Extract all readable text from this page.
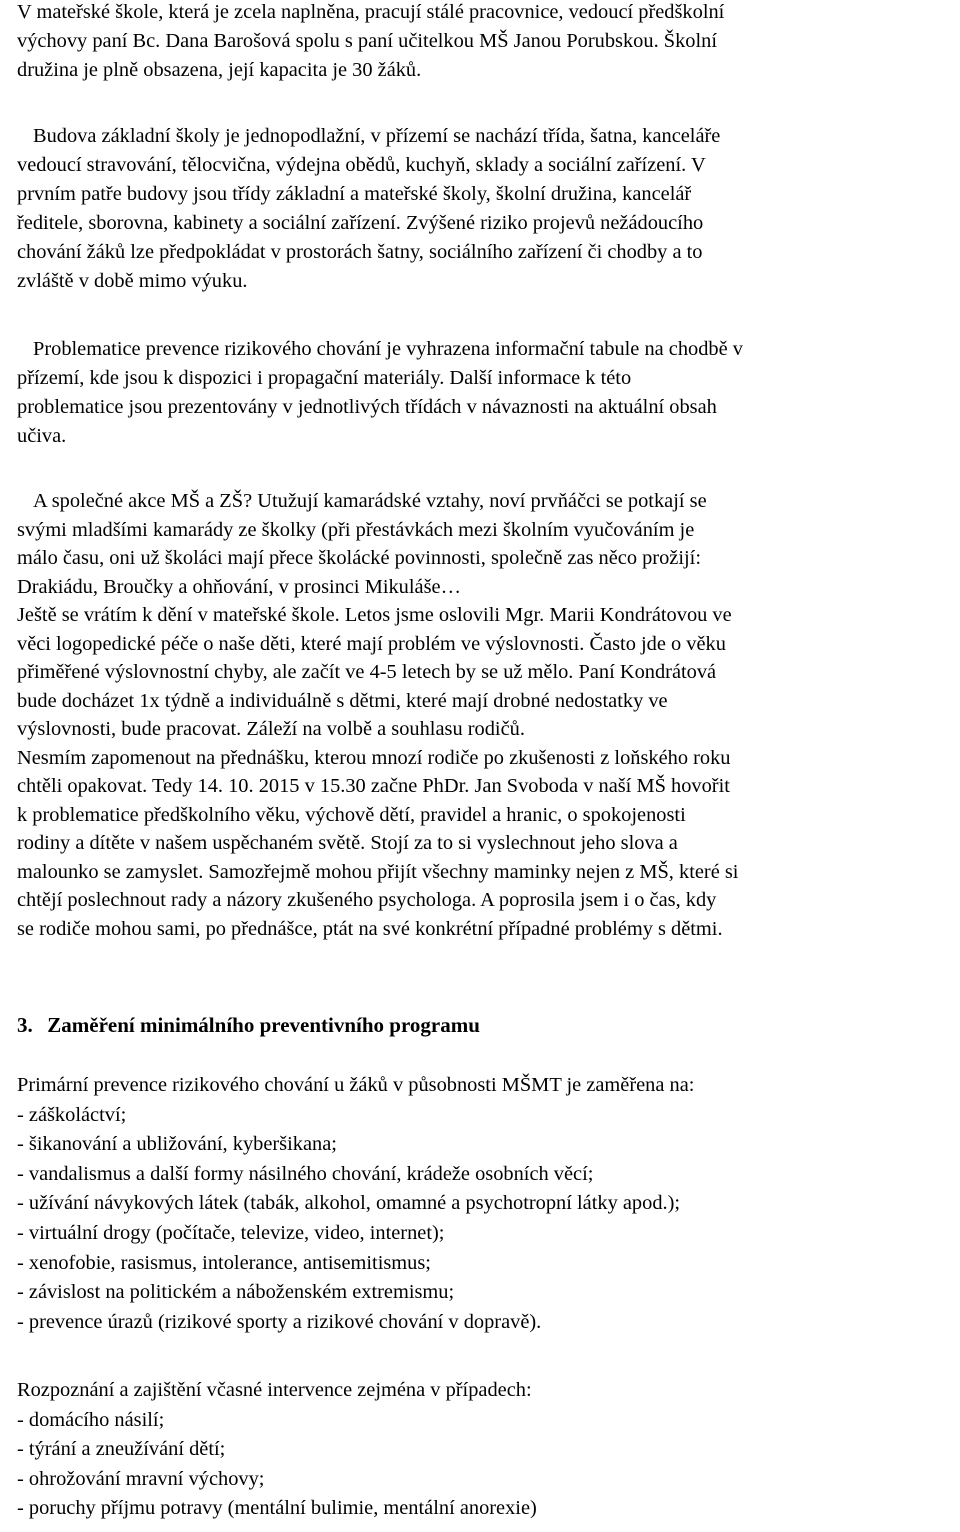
V mateřské škole, která je zcela naplněna, pracují stálé pracovnice, vedoucí předškolní
výchovy paní Bc. Dana Barošová spolu s paní učitelkou MŠ Janou Porubskou. Školní
družina je plně obsazena, její kapacita je 30 žáků.
Budova základní školy je jednopodlažní, v přízemí se nachází třída, šatna, kanceláře
vedoucí stravování, tělocvična, výdejna obědů, kuchyň, sklady a sociální zařízení. V
prvním patře budovy jsou třídy základní a mateřské školy, školní družina, kancelář
ředitele, sborovna, kabinety a sociální zařízení. Zvýšené riziko projevů nežádoucího
chování žáků lze předpokládat v prostorách šatny, sociálního zařízení či chodby a to
zvláště v době mimo výuku.
Problematice prevence rizikového chování je vyhrazena informační tabule na chodbě v
přízemí, kde jsou k dispozici i propagační materiály. Další informace k této
problematice jsou prezentovány v jednotlivých třídách v návaznosti na aktuální obsah
učiva.
A společné akce MŠ a ZŠ? Utužují kamarádské vztahy, noví prvňáčci se potkají se
svými mladšími kamarády ze školky (při přestávkách mezi školním vyučováním je
málo času, oni už školáci mají přece školácké povinnosti, společně zas něco prožijí:
Drakiádu, Broučky a ohňování, v prosinci Mikuláše…
Ještě se vrátím k dění v mateřské škole. Letos jsme oslovili Mgr. Marii Kondrátovou ve
věci logopedické péče o naše děti, které mají problém ve výslovnosti. Často jde o věku
přiměřené výslovnostní chyby, ale začít ve 4-5 letech by se už mělo. Paní Kondrátová
bude docházet 1x týdně a individuálně s dětmi, které mají drobné nedostatky ve
výslovnosti, bude pracovat. Záleží na volbě a souhlasu rodičů.
Nesmím zapomenout na přednášku, kterou mnozí rodiče po zkušenosti z loňského roku
chtěli opakovat. Tedy 14. 10. 2015 v 15.30 začne PhDr. Jan Svoboda v naší MŠ hovořit
k problematice předškolního věku, výchově dětí, pravidel a hranic, o spokojenosti
rodiny a dítěte v našem uspěchaném světě. Stojí za to si vyslechnout jeho slova a
malounko se zamyslet. Samozřejmě mohou přijít všechny maminky nejen z MŠ, které si
chtějí poslechnout rady a názory zkušeného psychologa. A poprosila jsem i o čas, kdy
se rodiče mohou sami, po přednášce, ptát na své konkrétní případné problémy s dětmi.
3. Zaměření minimálního preventivního programu
Primární prevence rizikového chování u žáků v působnosti MŠMT je zaměřena na:
- záškoláctví;
- šikanování a ubližování, kyberšikana;
- vandalismus a další formy násilného chování, krádeže osobních věcí;
- užívání návykových látek (tabák, alkohol, omamné a psychotropní látky apod.);
- virtuální drogy (počítače, televize, video, internet);
- xenofobie, rasismus, intolerance, antisemitismus;
- závislost na politickém a náboženském extremismu;
- prevence úrazů (rizikové sporty a rizikové chování v dopravě).
Rozpoznání a zajištění včasné intervence zejména v případech:
- domácího násilí;
- týrání a zneužívání dětí;
- ohrožování mravní výchovy;
- poruchy příjmu potravy (mentální bulimie, mentální anorexie)
